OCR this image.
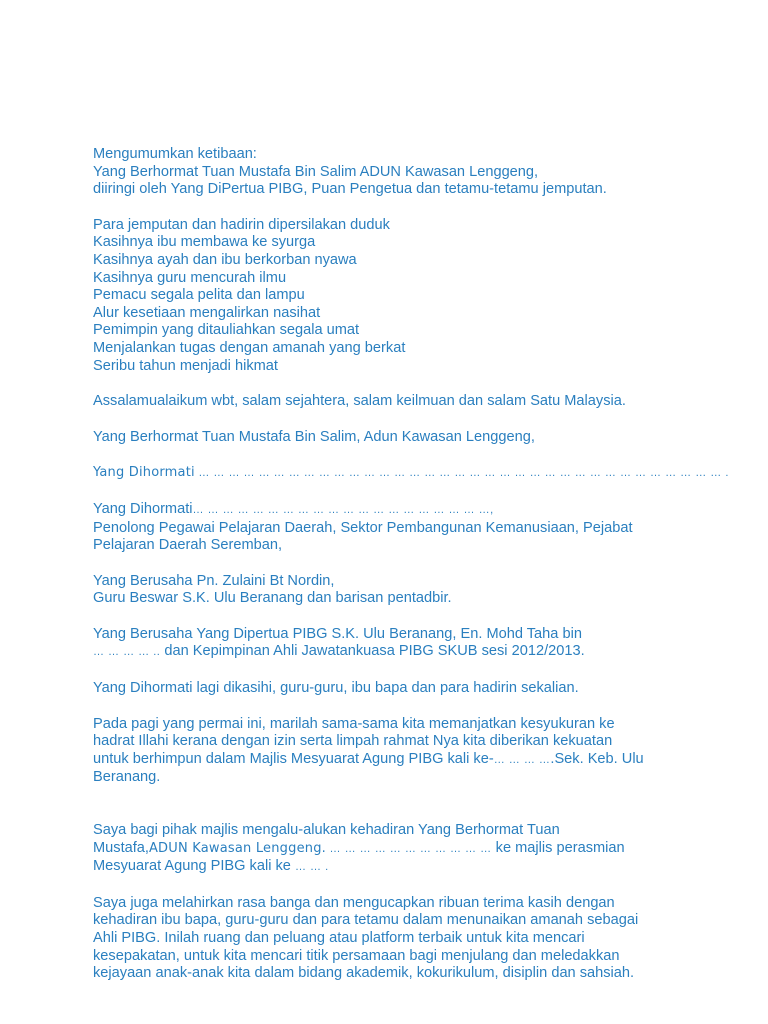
Mengumumkan ketibaan:
Yang Berhormat Tuan Mustafa Bin Salim ADUN Kawasan Lenggeng,
diiringi oleh Yang DiPertua PIBG, Puan Pengetua dan tetamu-tetamu jemputan.
Para jemputan dan hadirin dipersilakan duduk
Kasihnya ibu membawa ke syurga
Kasihnya ayah dan ibu berkorban nyawa
Kasihnya guru mencurah ilmu
Pemacu segala pelita dan lampu
Alur kesetiaan mengalirkan nasihat
Pemimpin yang ditauliahkan segala umat
Menjalankan tugas dengan amanah yang berkat
Seribu tahun menjadi hikmat
Assalamualaikum wbt, salam sejahtera, salam keilmuan dan salam Satu Malaysia.
Yang Berhormat Tuan Mustafa Bin Salim, Adun Kawasan Lenggeng,
Yang Dihormati … … … … … … … … … … … … … … … … … … … … … … … … … … … … … … … … … … … .
Yang Dihormati… … … … … … … … … … … … … … … … … … … …,
Penolong Pegawai Pelajaran Daerah, Sektor Pembangunan Kemanusiaan, Pejabat
Pelajaran Daerah Seremban,
Yang Berusaha Pn. Zulaini Bt Nordin,
Guru Beswar S.K. Ulu Beranang dan barisan pentadbir.
Yang Berusaha Yang Dipertua PIBG S.K. Ulu Beranang, En. Mohd Taha bin
… … … … .. dan Kepimpinan Ahli Jawatankuasa PIBG SKUB sesi 2012/2013.
Yang Dihormati lagi dikasihi, guru-guru, ibu bapa dan para hadirin sekalian.
Pada pagi yang permai ini, marilah sama-sama kita memanjatkan kesyukuran ke
hadrat Illahi kerana dengan izin serta limpah rahmat Nya kita diberikan kekuatan
untuk berhimpun dalam Majlis Mesyuarat Agung PIBG kali ke-… … … ….Sek. Keb. Ulu
Beranang.
Saya bagi pihak majlis mengalu-alukan kehadiran Yang Berhormat Tuan
Mustafa,ADUN Kawasan Lenggeng. … … … … … … … … … … … ke majlis perasmian
Mesyuarat Agung PIBG kali ke … … .
Saya juga melahirkan rasa banga dan mengucapkan ribuan terima kasih dengan
kehadiran ibu bapa, guru-guru dan para tetamu dalam menunaikan amanah sebagai
Ahli PIBG. Inilah ruang dan peluang atau platform terbaik untuk kita mencari
kesepakatan, untuk kita mencari titik persamaan bagi menjulang dan meledakkan
kejayaan anak-anak kita dalam bidang akademik, kokurikulum, disiplin dan sahsiah.
